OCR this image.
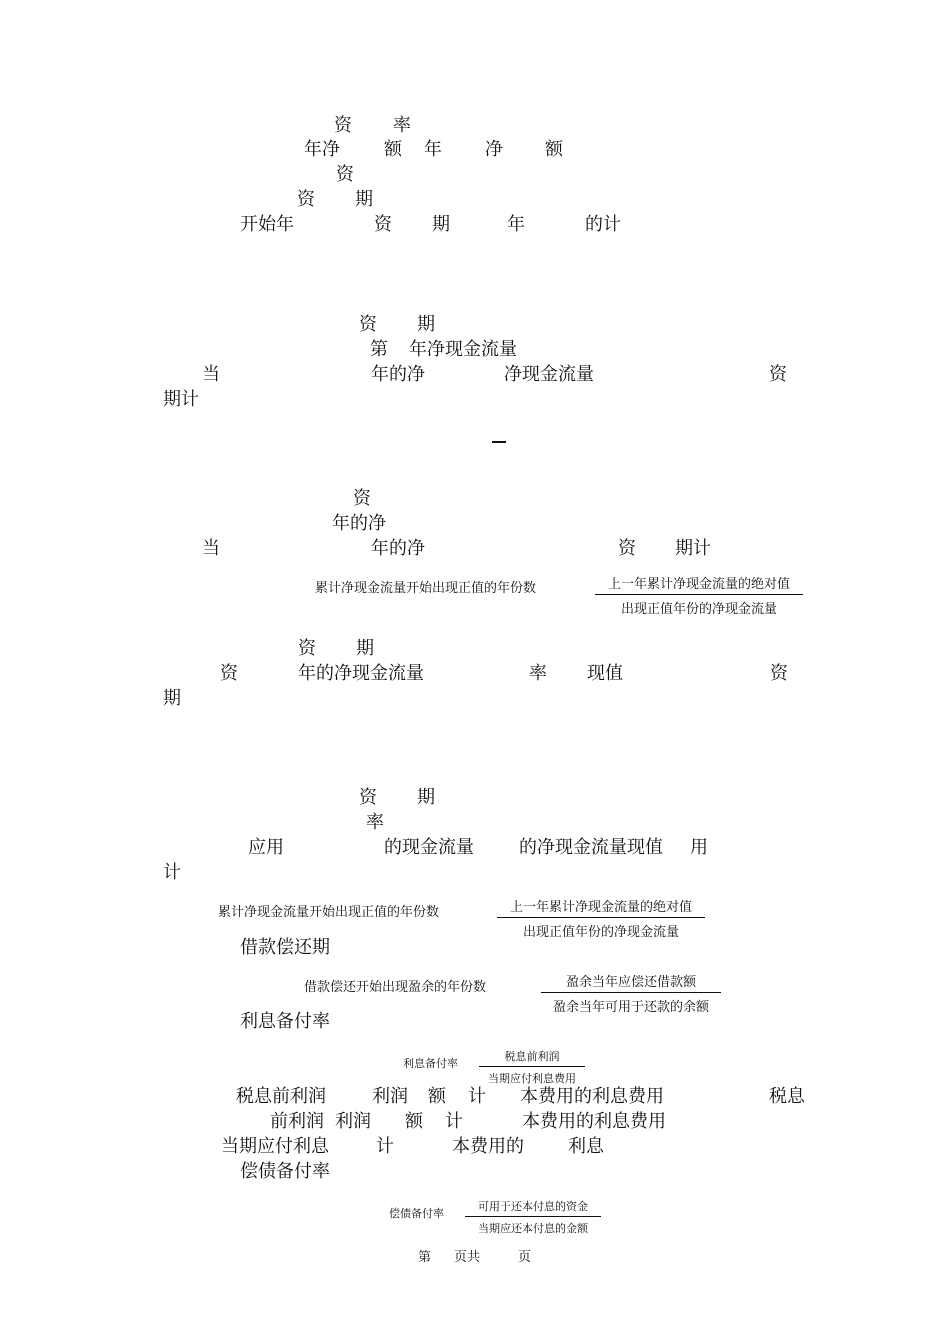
资 率
年净 额 年 净 额
资
资 期
开始年	资 期	年	的计
资 期
第 年净现金流量
当	年的净	净现金流量	资
期计
资
年的净
当	年的净	资 期计
累计净现金流量开始出现正值的年份数	上一年累计净现金流量的绝对值
出现正值年份的净现金流量
资 期
资	年的净现金流量	率 现值	资
期
资 期
率
应用	的现金流量	的净现金流量现值 用
计
累计净现金流量开始出现正值的年份数	上一年累计净现金流量的绝对值
出现正值年份的净现金流量
借款偿还期
借款偿还开始出现盈余的年份数	盈余当年应偿还借款额
盈余当年可用于还款的余额
利息备付率
利息备付率
税息前利润
当期应付利息费用
税息前利润	利润 额 计 本费用的利息费用	税息
前利润 利润 额 计	本费用的利息费用
当期应付利息	计	本费用的 利息
偿债备付率
偿债备付率
可用于还本付息的资金
当期应还本付息的金额
第 页共	页
